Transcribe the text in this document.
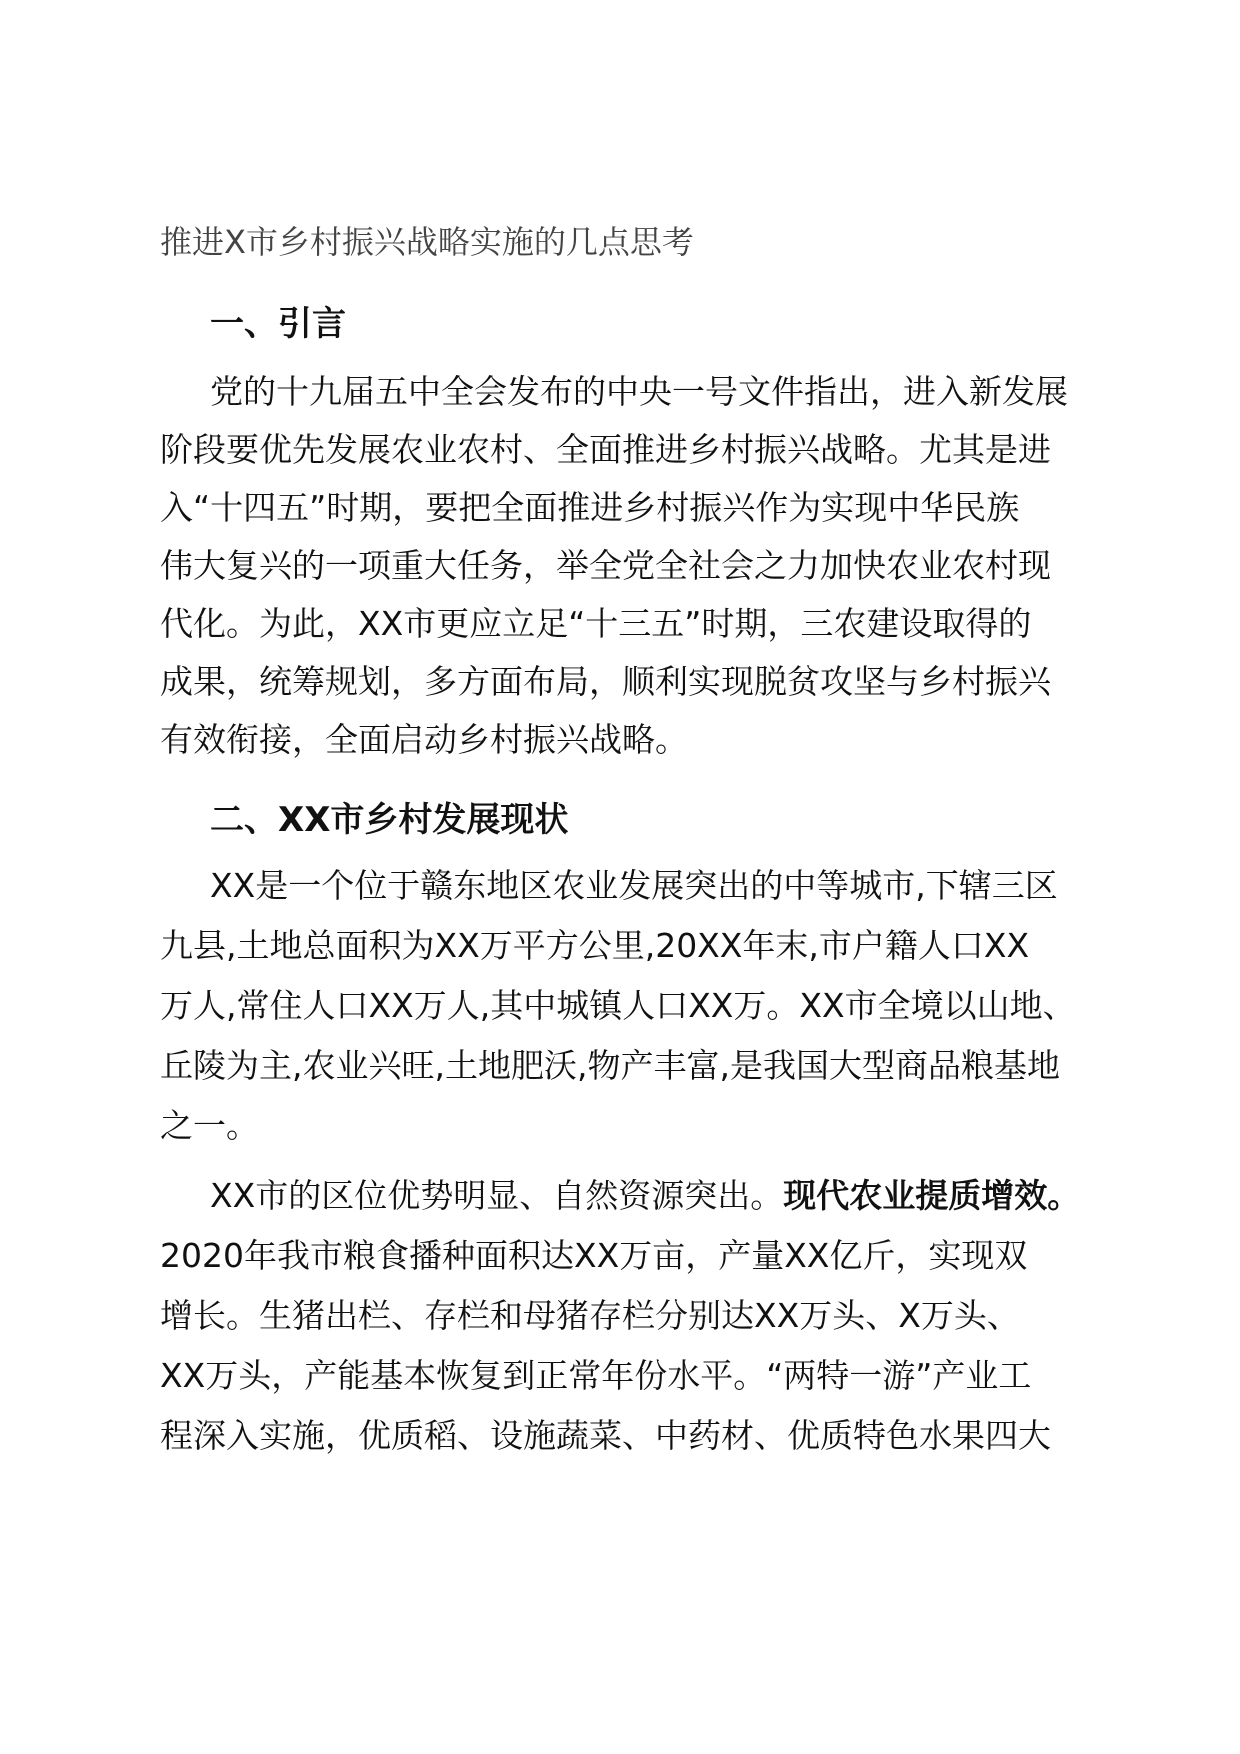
推进X市乡村振兴战略实施的几点思考
一、引言
党的十九届五中全会发布的中央一号文件指出，进入新发展
阶段要优先发展农业农村、全面推进乡村振兴战略。尤其是进
入“十四五”时期，要把全面推进乡村振兴作为实现中华民族
伟大复兴的一项重大任务，举全党全社会之力加快农业农村现
代化。为此，XX市更应立足“十三五”时期，三农建设取得的
成果，统筹规划，多方面布局，顺利实现脱贫攻坚与乡村振兴
有效衔接，全面启动乡村振兴战略。
二、XX市乡村发展现状
XX是一个位于赣东地区农业发展突出的中等城市,下辖三区
九县,土地总面积为XX万平方公里,20XX年末,市户籍人口XX
万人,常住人口XX万人,其中城镇人口XX万。XX市全境以山地、
丘陵为主,农业兴旺,土地肥沃,物产丰富,是我国大型商品粮基地
之一。
XX市的区位优势明显、自然资源突出。现代农业提质增效。
2020年我市粮食播种面积达XX万亩，产量XX亿斤，实现双
增长。生猪出栏、存栏和母猪存栏分别达XX万头、X万头、
XX万头，产能基本恢复到正常年份水平。“两特一游”产业工
程深入实施，优质稻、设施蔬菜、中药材、优质特色水果四大
